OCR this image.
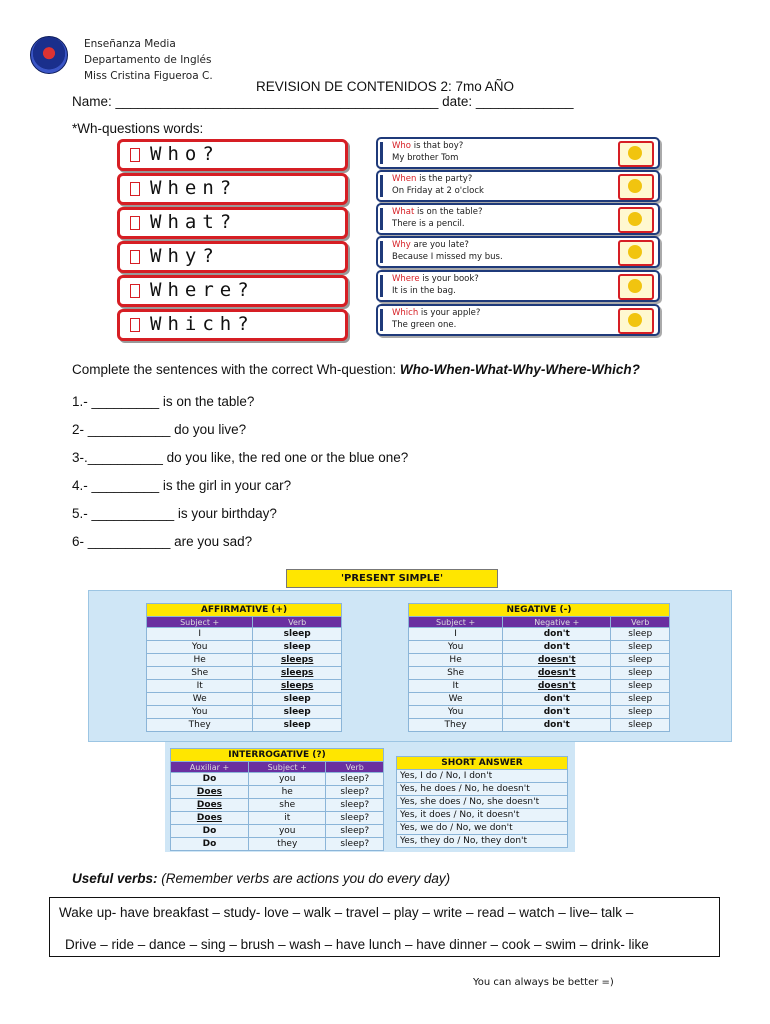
Enseñanza Media
Departamento de Inglés
Miss Cristina Figueroa C.
REVISION DE CONTENIDOS 2: 7mo AÑO
Name: ___________________________________________ date: _____________
*Wh-questions words:
Who?
When?
What?
Why?
Where?
Which?
Who is that boy?
My brother Tom
When is the party?
On Friday at 2 o'clock
What is on the table?
There is a pencil.
Why are you late?
Because I missed my bus.
Where is your book?
It is in the bag.
Which is your apple?
The green one.
Complete the sentences with the correct Wh-question: Who-When-What-Why-Where-Which?
1.- _________ is on the table?
2- ___________ do you live?
3-.__________ do you like, the red one or the blue one?
4.- _________ is the girl in your car?
5.- ___________ is your birthday?
6- ___________ are you sad?
'PRESENT SIMPLE'
AFFIRMATIVE (+)	
Subject +	Verb
I	sleep
You	sleep
He	sleeps
She	sleeps
It	sleeps
We	sleep
You	sleep
They	sleep
NEGATIVE (-)		
Subject +	Negative +	Verb
I	don't	sleep
You	don't	sleep
He	doesn't	sleep
She	doesn't	sleep
It	doesn't	sleep
We	don't	sleep
You	don't	sleep
They	don't	sleep
INTERROGATIVE (?)		
Auxiliar +	Subject +	Verb
Do	you	sleep?
Does	he	sleep?
Does	she	sleep?
Does	it	sleep?
Do	you	sleep?
Do	they	sleep?
SHORT ANSWER
Yes, I do / No, I don't
Yes, he does / No, he doesn't
Yes, she does / No, she doesn't
Yes, it does / No, it doesn't
Yes, we do / No, we don't
Yes, they do / No, they don't
Useful verbs: (Remember verbs are actions you do every day)
Wake up- have breakfast – study- love – walk – travel – play – write – read – watch – live– talk –
Drive – ride – dance – sing – brush – wash – have lunch – have dinner – cook – swim – drink- like
You can always be better =)
